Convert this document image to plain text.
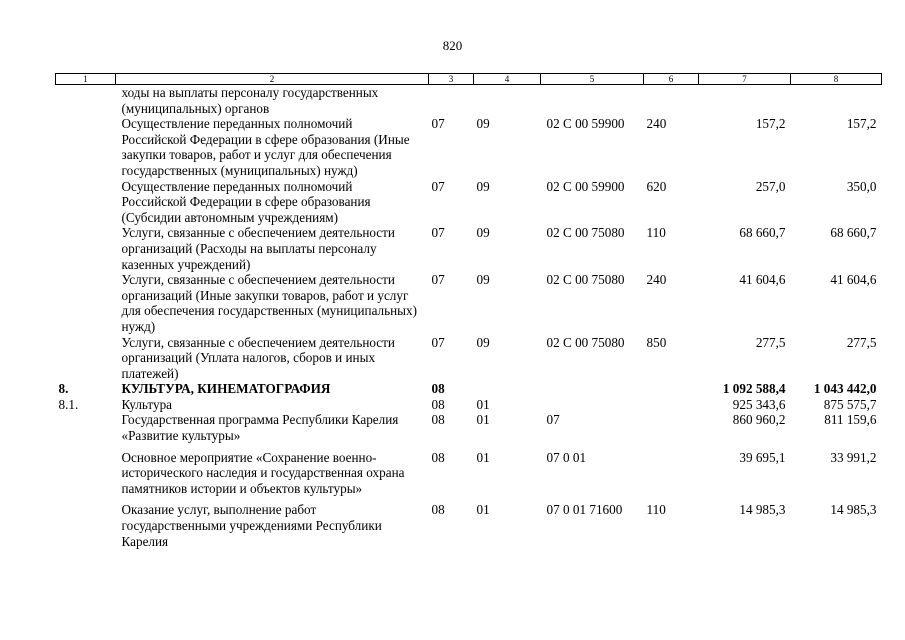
820
1	2	3	4	5	6	7	8
	ходы на выплаты персоналу государственных (муниципальных) органов						
	Осуществление переданных полномочий Российской Федерации в сфере образования (Иные закупки товаров, работ и услуг для обеспечения государственных (муниципальных) нужд)	07	09	02 С 00 59900	240	157,2	157,2
	Осуществление переданных полномочий Российской Федерации в сфере образования (Субсидии автономным учреждениям)	07	09	02 С 00 59900	620	257,0	350,0
	Услуги, связанные с обеспечением деятельности организаций (Расходы на выплаты персоналу казенных учреждений)	07	09	02 С 00 75080	110	68 660,7	68 660,7
	Услуги, связанные с обеспечением деятельности организаций (Иные закупки товаров, работ и услуг для обеспечения государственных (муниципальных) нужд)	07	09	02 С 00 75080	240	41 604,6	41 604,6
	Услуги, связанные с обеспечением деятельности организаций (Уплата налогов, сборов и иных платежей)	07	09	02 С 00 75080	850	277,5	277,5
8.	КУЛЬТУРА, КИНЕМАТОГРАФИЯ	08				1 092 588,4	1 043 442,0
8.1.	Культура	08	01			925 343,6	875 575,7
	Государственная программа Республики Карелия «Развитие культуры»	08	01	07		860 960,2	811 159,6
	Основное мероприятие «Сохранение военно-исторического наследия и государственная охрана памятников истории и объектов культуры»	08	01	07 0 01		39 695,1	33 991,2
	Оказание услуг, выполнение работ государственными учреждениями Республики Карелия	08	01	07 0 01 71600	110	14 985,3	14 985,3
